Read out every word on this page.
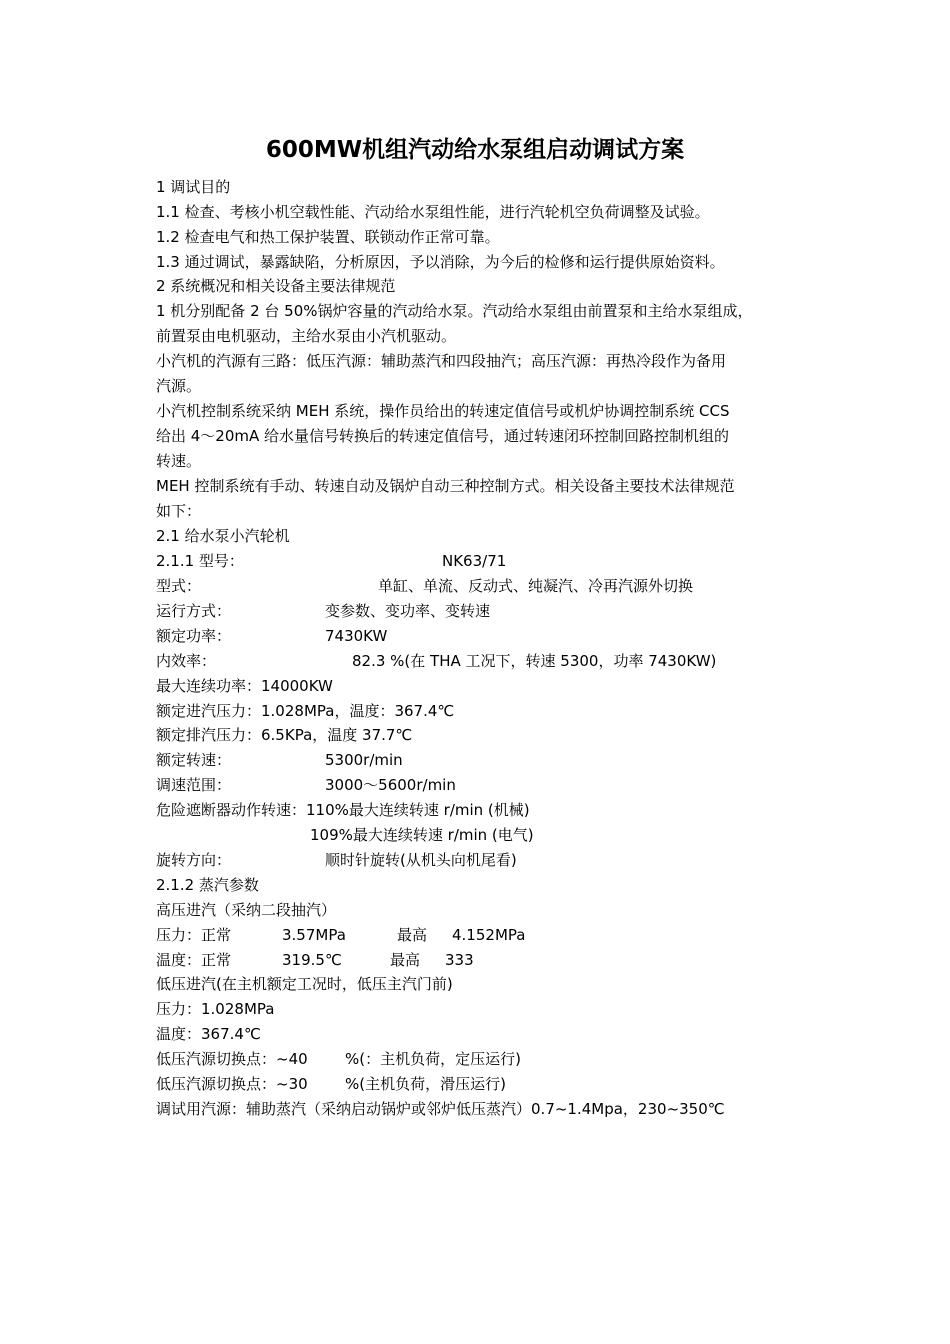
600MW机组汽动给水泵组启动调试方案
1 调试目的
1.1 检查、考核小机空载性能、汽动给水泵组性能，进行汽轮机空负荷调整及试验。
1.2 检查电气和热工保护装置、联锁动作正常可靠。
1.3 通过调试，暴露缺陷，分析原因，予以消除，为今后的检修和运行提供原始资料。
2 系统概况和相关设备主要法律规范
1 机分别配备 2 台 50%锅炉容量的汽动给水泵。汽动给水泵组由前置泵和主给水泵组成，
前置泵由电机驱动，主给水泵由小汽机驱动。
小汽机的汽源有三路：低压汽源：辅助蒸汽和四段抽汽；高压汽源：再热冷段作为备用
汽源。
小汽机控制系统采纳 MEH 系统，操作员给出的转速定值信号或机炉协调控制系统 CCS
给出 4～20mA 给水量信号转换后的转速定值信号，通过转速闭环控制回路控制机组的
转速。
MEH 控制系统有手动、转速自动及锅炉自动三种控制方式。相关设备主要技术法律规范
如下：
2.1 给水泵小汽轮机
2.1.1 型号：	NK63/71
型式：	单缸、单流、反动式、纯凝汽、冷再汽源外切换
运行方式：	变参数、变功率、变转速
额定功率：	7430KW
内效率：	82.3 %(在 THA 工况下，转速 5300，功率 7430KW)
最大连续功率：14000KW
额定进汽压力：1.028MPa，温度：367.4℃
额定排汽压力：6.5KPa，温度 37.7℃
额定转速：	5300r/min
调速范围：	3000～5600r/min
危险遮断器动作转速：110%最大连续转速 r/min (机械)
109%最大连续转速 r/min (电气)
旋转方向：	顺时针旋转(从机头向机尾看)
2.1.2 蒸汽参数
高压进汽（采纳二段抽汽）
压力：正常	3.57MPa	最高 4.152MPa
温度：正常	319.5℃	最高 333
低压进汽(在主机额定工况时，低压主汽门前)
压力：1.028MPa
温度：367.4℃
低压汽源切换点：~40 %(：主机负荷，定压运行)
低压汽源切换点：~30 %(主机负荷，滑压运行)
调试用汽源：辅助蒸汽（采纳启动锅炉或邻炉低压蒸汽）0.7~1.4Mpa，230~350℃
